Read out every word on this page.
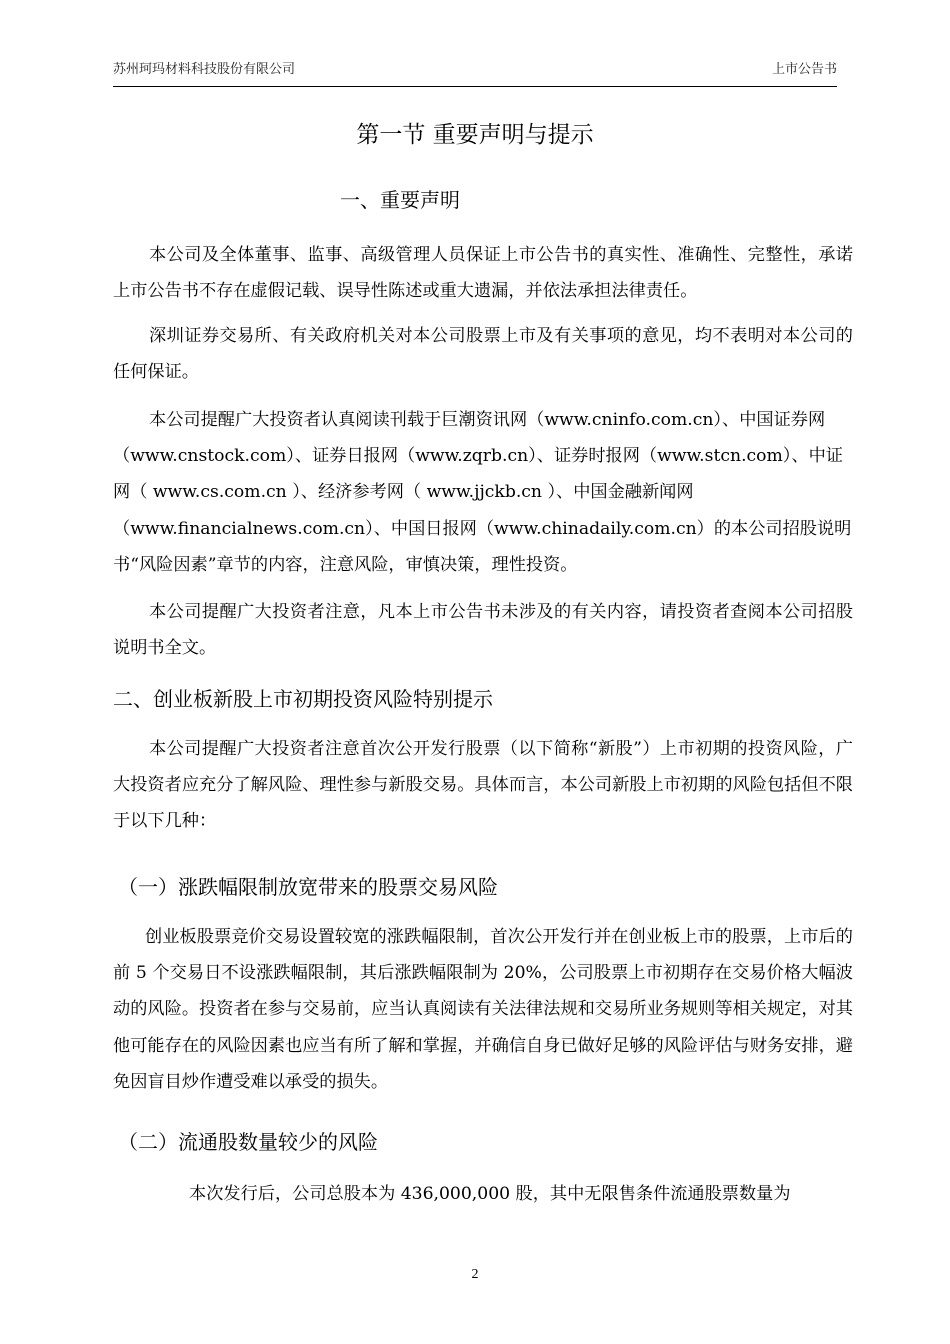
苏州珂玛材料科技股份有限公司	上市公告书
第一节 重要声明与提示
一、重要声明

本公司及全体董事、监事、高级管理人员保证上市公告书的真实性、准确性、完整性，承诺上市公告书不存在虚假记载、误导性陈述或重大遗漏，并依法承担法律责任。

深圳证券交易所、有关政府机关对本公司股票上市及有关事项的意见，均不表明对本公司的任何保证。

本公司提醒广大投资者认真阅读刊载于巨潮资讯网（www.cninfo.com.cn）、中国证券网（www.cnstock.com）、证券日报网（www.zqrb.cn）、证券时报网（www.stcn.com）、中证网（ www.cs.com.cn ）、经济参考网（ www.jjckb.cn ）、中国金融新闻网（www.financialnews.com.cn）、中国日报网（www.chinadaily.com.cn）的本公司招股说明书“风险因素”章节的内容，注意风险，审慎决策，理性投资。

本公司提醒广大投资者注意，凡本上市公告书未涉及的有关内容，请投资者查阅本公司招股说明书全文。

二、创业板新股上市初期投资风险特别提示

本公司提醒广大投资者注意首次公开发行股票（以下简称“新股”）上市初期的投资风险，广大投资者应充分了解风险、理性参与新股交易。具体而言，本公司新股上市初期的风险包括但不限于以下几种：

（一）涨跌幅限制放宽带来的股票交易风险

创业板股票竞价交易设置较宽的涨跌幅限制，首次公开发行并在创业板上市的股票，上市后的前 5 个交易日不设涨跌幅限制，其后涨跌幅限制为 20%，公司股票上市初期存在交易价格大幅波动的风险。投资者在参与交易前，应当认真阅读有关法律法规和交易所业务规则等相关规定，对其他可能存在的风险因素也应当有所了解和掌握，并确信自身已做好足够的风险评估与财务安排，避免因盲目炒作遭受难以承受的损失。

（二）流通股数量较少的风险

本次发行后，公司总股本为 436,000,000 股，其中无限售条件流通股票数量为

2
